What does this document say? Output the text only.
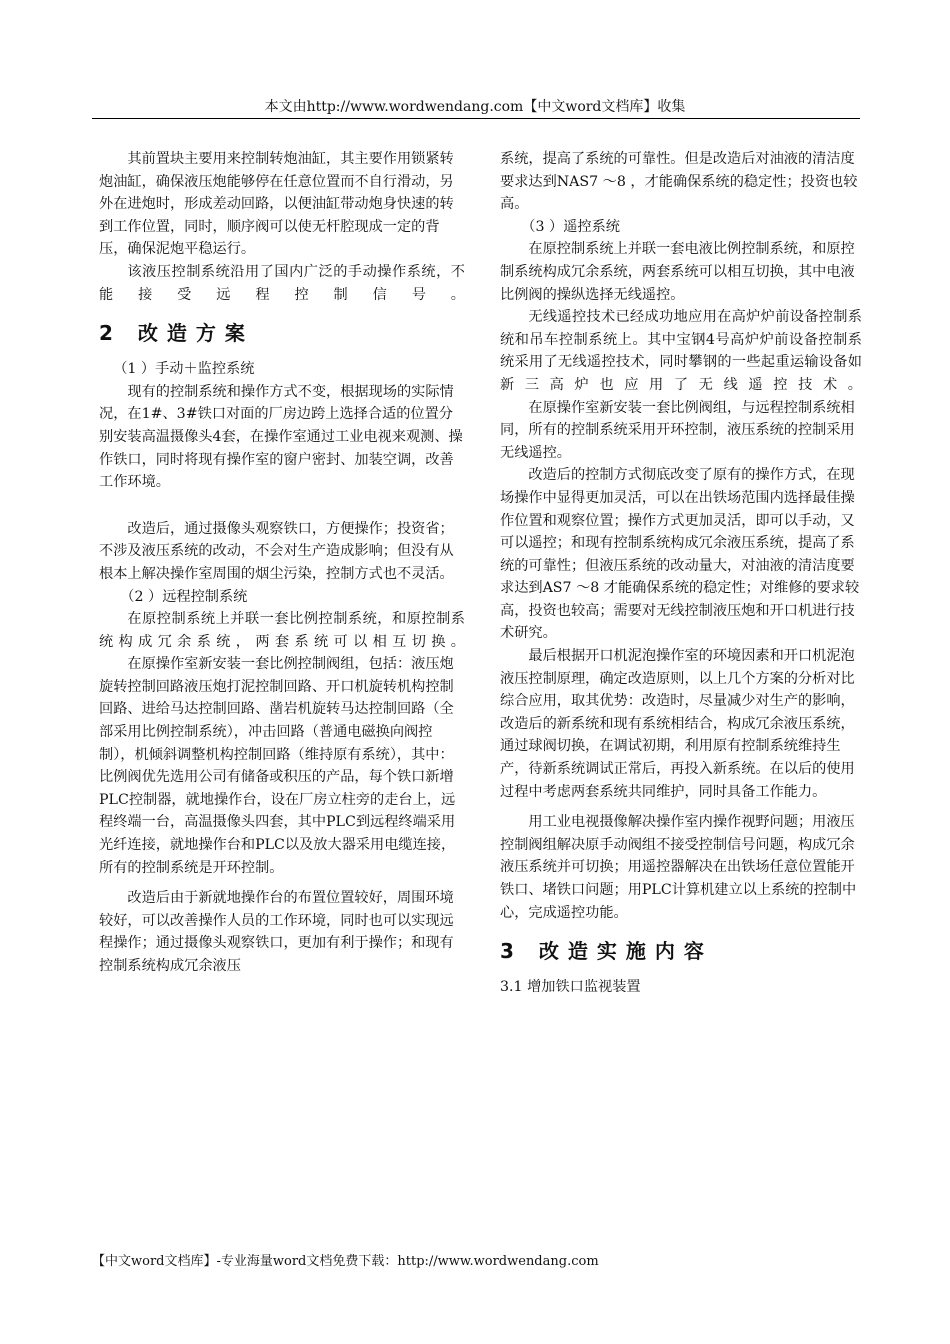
本文由http://www.wordwendang.com【中文word文档库】收集

其前置块主要用来控制转炮油缸，其主要作用锁紧转炮油缸，确保液压炮能够停在任意位置而不自行滑动，另外在进炮时，形成差动回路，以便油缸带动炮身快速的转到工作位置，同时，顺序阀可以使无杆腔现成一定的背压，确保泥炮平稳运行。

该液压控制系统沿用了国内广泛的手动操作系统，不能接受远程控制信号。

2 改造方案

（1 ）手动＋监控系统

现有的控制系统和操作方式不变，根据现场的实际情况，在1#、3#铁口对面的厂房边跨上选择合适的位置分别安装高温摄像头4套，在操作室通过工业电视来观测、操作铁口，同时将现有操作室的窗户密封、加装空调，改善工作环境。

改造后，通过摄像头观察铁口，方便操作；投资省；不涉及液压系统的改动，不会对生产造成影响；但没有从根本上解决操作室周围的烟尘污染，控制方式也不灵活。

（2 ）远程控制系统

在原控制系统上并联一套比例控制系统，和原控制系统构成冗余系统，两套系统可以相互切换。

在原操作室新安装一套比例控制阀组，包括：液压炮旋转控制回路液压炮打泥控制回路、开口机旋转机构控制回路、进给马达控制回路、凿岩机旋转马达控制回路（全部采用比例控制系统），冲击回路（普通电磁换向阀控制），机倾斜调整机构控制回路（维持原有系统），其中：比例阀优先选用公司有储备或积压的产品，每个铁口新增PLC控制器，就地操作台，设在厂房立柱旁的走台上，远程终端一台，高温摄像头四套，其中PLC到远程终端采用光纤连接，就地操作台和PLC以及放大器采用电缆连接，所有的控制系统是开环控制。

改造后由于新就地操作台的布置位置较好，周围环境较好，可以改善操作人员的工作环境，同时也可以实现远程操作；通过摄像头观察铁口，更加有利于操作；和现有控制系统构成冗余液压

系统，提高了系统的可靠性。但是改造后对油液的清洁度要求达到NAS7 ～8 ，才能确保系统的稳定性；投资也较高。

（3 ）遥控系统

在原控制系统上并联一套电液比例控制系统，和原控制系统构成冗余系统，两套系统可以相互切换，其中电液比例阀的操纵选择无线遥控。

无线遥控技术已经成功地应用在高炉炉前设备控制系统和吊车控制系统上。其中宝钢4号高炉炉前设备控制系统采用了无线遥控技术，同时攀钢的一些起重运输设备如新三高炉也应用了无线遥控技术。

在原操作室新安装一套比例阀组，与远程控制系统相同，所有的控制系统采用开环控制，液压系统的控制采用无线遥控。

改造后的控制方式彻底改变了原有的操作方式，在现场操作中显得更加灵活，可以在出铁场范围内选择最佳操作位置和观察位置；操作方式更加灵活，即可以手动，又可以遥控；和现有控制系统构成冗余液压系统，提高了系统的可靠性；但液压系统的改动量大，对油液的清洁度要求达到AS7 ～8 才能确保系统的稳定性；对维修的要求较高，投资也较高；需要对无线控制液压炮和开口机进行技术研究。

最后根据开口机泥泡操作室的环境因素和开口机泥泡液压控制原理，确定改造原则，以上几个方案的分析对比综合应用，取其优势：改造时，尽量减少对生产的影响，改造后的新系统和现有系统相结合，构成冗余液压系统，通过球阀切换，在调试初期，利用原有控制系统维持生产，待新系统调试正常后，再投入新系统。在以后的使用过程中考虑两套系统共同维护，同时具备工作能力。

用工业电视摄像解决操作室内操作视野问题；用液压控制阀组解决原手动阀组不接受控制信号问题，构成冗余液压系统并可切换；用遥控器解决在出铁场任意位置能开铁口、堵铁口问题；用PLC计算机建立以上系统的控制中心，完成遥控功能。

3 改造实施内容

3.1 增加铁口监视装置

【中文word文档库】-专业海量word文档免费下载：http://www.wordwendang.com
